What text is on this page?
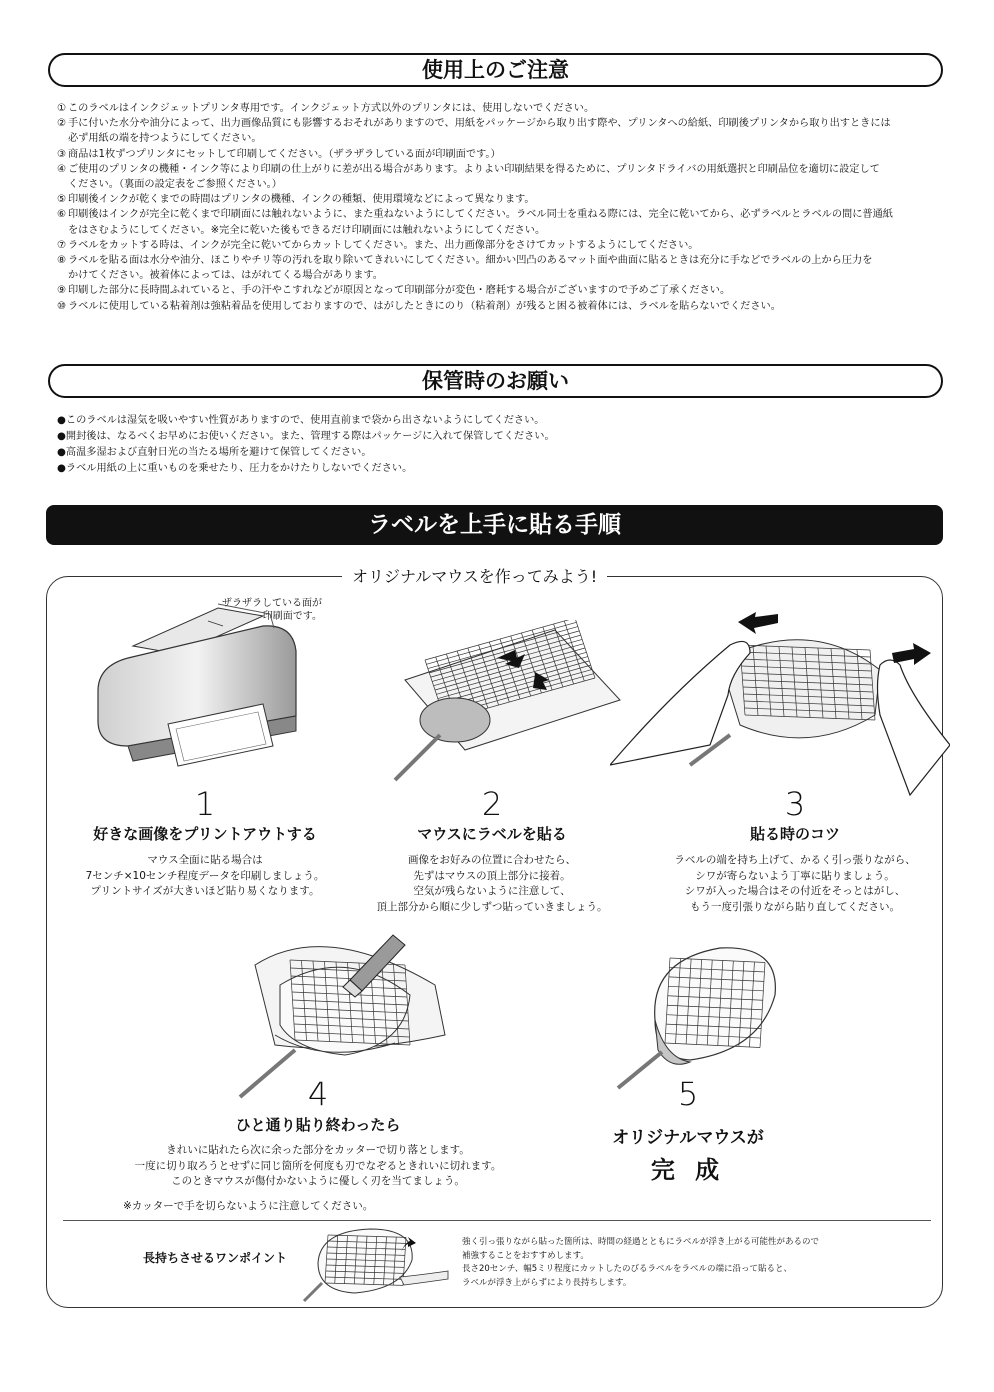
使用上のご注意
① このラベルはインクジェットプリンタ専用です。インクジェット方式以外のプリンタには、使用しないでください。
② 手に付いた水分や油分によって、出力画像品質にも影響するおそれがありますので、用紙をパッケージから取り出す際や、プリンタへの給紙、印刷後プリンタから取り出すときには
必ず用紙の端を持つようにしてください。
③ 商品は1枚ずつプリンタにセットして印刷してください。（ザラザラしている面が印刷面です。）
④ ご使用のプリンタの機種・インク等により印刷の仕上がりに差が出る場合があります。よりよい印刷結果を得るために、プリンタドライバの用紙選択と印刷品位を適切に設定して
ください。（裏面の設定表をご参照ください。）
⑤ 印刷後インクが乾くまでの時間はプリンタの機種、インクの種類、使用環境などによって異なります。
⑥ 印刷後はインクが完全に乾くまで印刷面には触れないように、また重ねないようにしてください。ラベル同士を重ねる際には、完全に乾いてから、必ずラベルとラベルの間に普通紙
をはさむようにしてください。※完全に乾いた後もできるだけ印刷面には触れないようにしてください。
⑦ ラベルをカットする時は、インクが完全に乾いてからカットしてください。また、出力画像部分をさけてカットするようにしてください。
⑧ ラベルを貼る面は水分や油分、ほこりやチリ等の汚れを取り除いてきれいにしてください。細かい凹凸のあるマット面や曲面に貼るときは充分に手などでラベルの上から圧力を
かけてください。被着体によっては、はがれてくる場合があります。
⑨ 印刷した部分に長時間ふれていると、手の汗やこすれなどが原因となって印刷部分が変色・磨耗する場合がございますので予めご了承ください。
⑩ ラベルに使用している粘着剤は強粘着品を使用しておりますので、はがしたときにのり（粘着剤）が残ると困る被着体には、ラベルを貼らないでください。
保管時のお願い
●このラベルは湿気を吸いやすい性質がありますので、使用直前まで袋から出さないようにしてください。
●開封後は、なるべくお早めにお使いください。また、管理する際はパッケージに入れて保管してください。
●高温多湿および直射日光の当たる場所を避けて保管してください。
●ラベル用紙の上に重いものを乗せたり、圧力をかけたりしないでください。
ラベルを上手に貼る手順
オリジナルマウスを作ってみよう!
ザラザラしている面が
印刷面です。
1
好きな画像をプリントアウトする
マウス全面に貼る場合は
7センチ×10センチ程度データを印刷しましょう。
プリントサイズが大きいほど貼り易くなります。
2
マウスにラベルを貼る
画像をお好みの位置に合わせたら、
先ずはマウスの頂上部分に接着。
空気が残らないように注意して、
頂上部分から順に少しずつ貼っていきましょう。
3
貼る時のコツ
ラベルの端を持ち上げて、かるく引っ張りながら、
シワが寄らないよう丁寧に貼りましょう。
シワが入った場合はその付近をそっとはがし、
もう一度引張りながら貼り直してください。
4
ひと通り貼り終わったら
きれいに貼れたら次に余った部分をカッターで切り落とします。
一度に切り取ろうとせずに同じ箇所を何度も刃でなぞるときれいに切れます。
このときマウスが傷付かないように優しく刃を当てましょう。
※カッターで手を切らないように注意してください。
5
オリジナルマウスが
完 成
長持ちさせるワンポイント
強く引っ張りながら貼った箇所は、時間の経過とともにラベルが浮き上がる可能性があるので
補強することをおすすめします。
長さ20センチ、幅5ミリ程度にカットしたのびるラベルをラベルの端に沿って貼ると、
ラベルが浮き上がらずにより長持ちします。
